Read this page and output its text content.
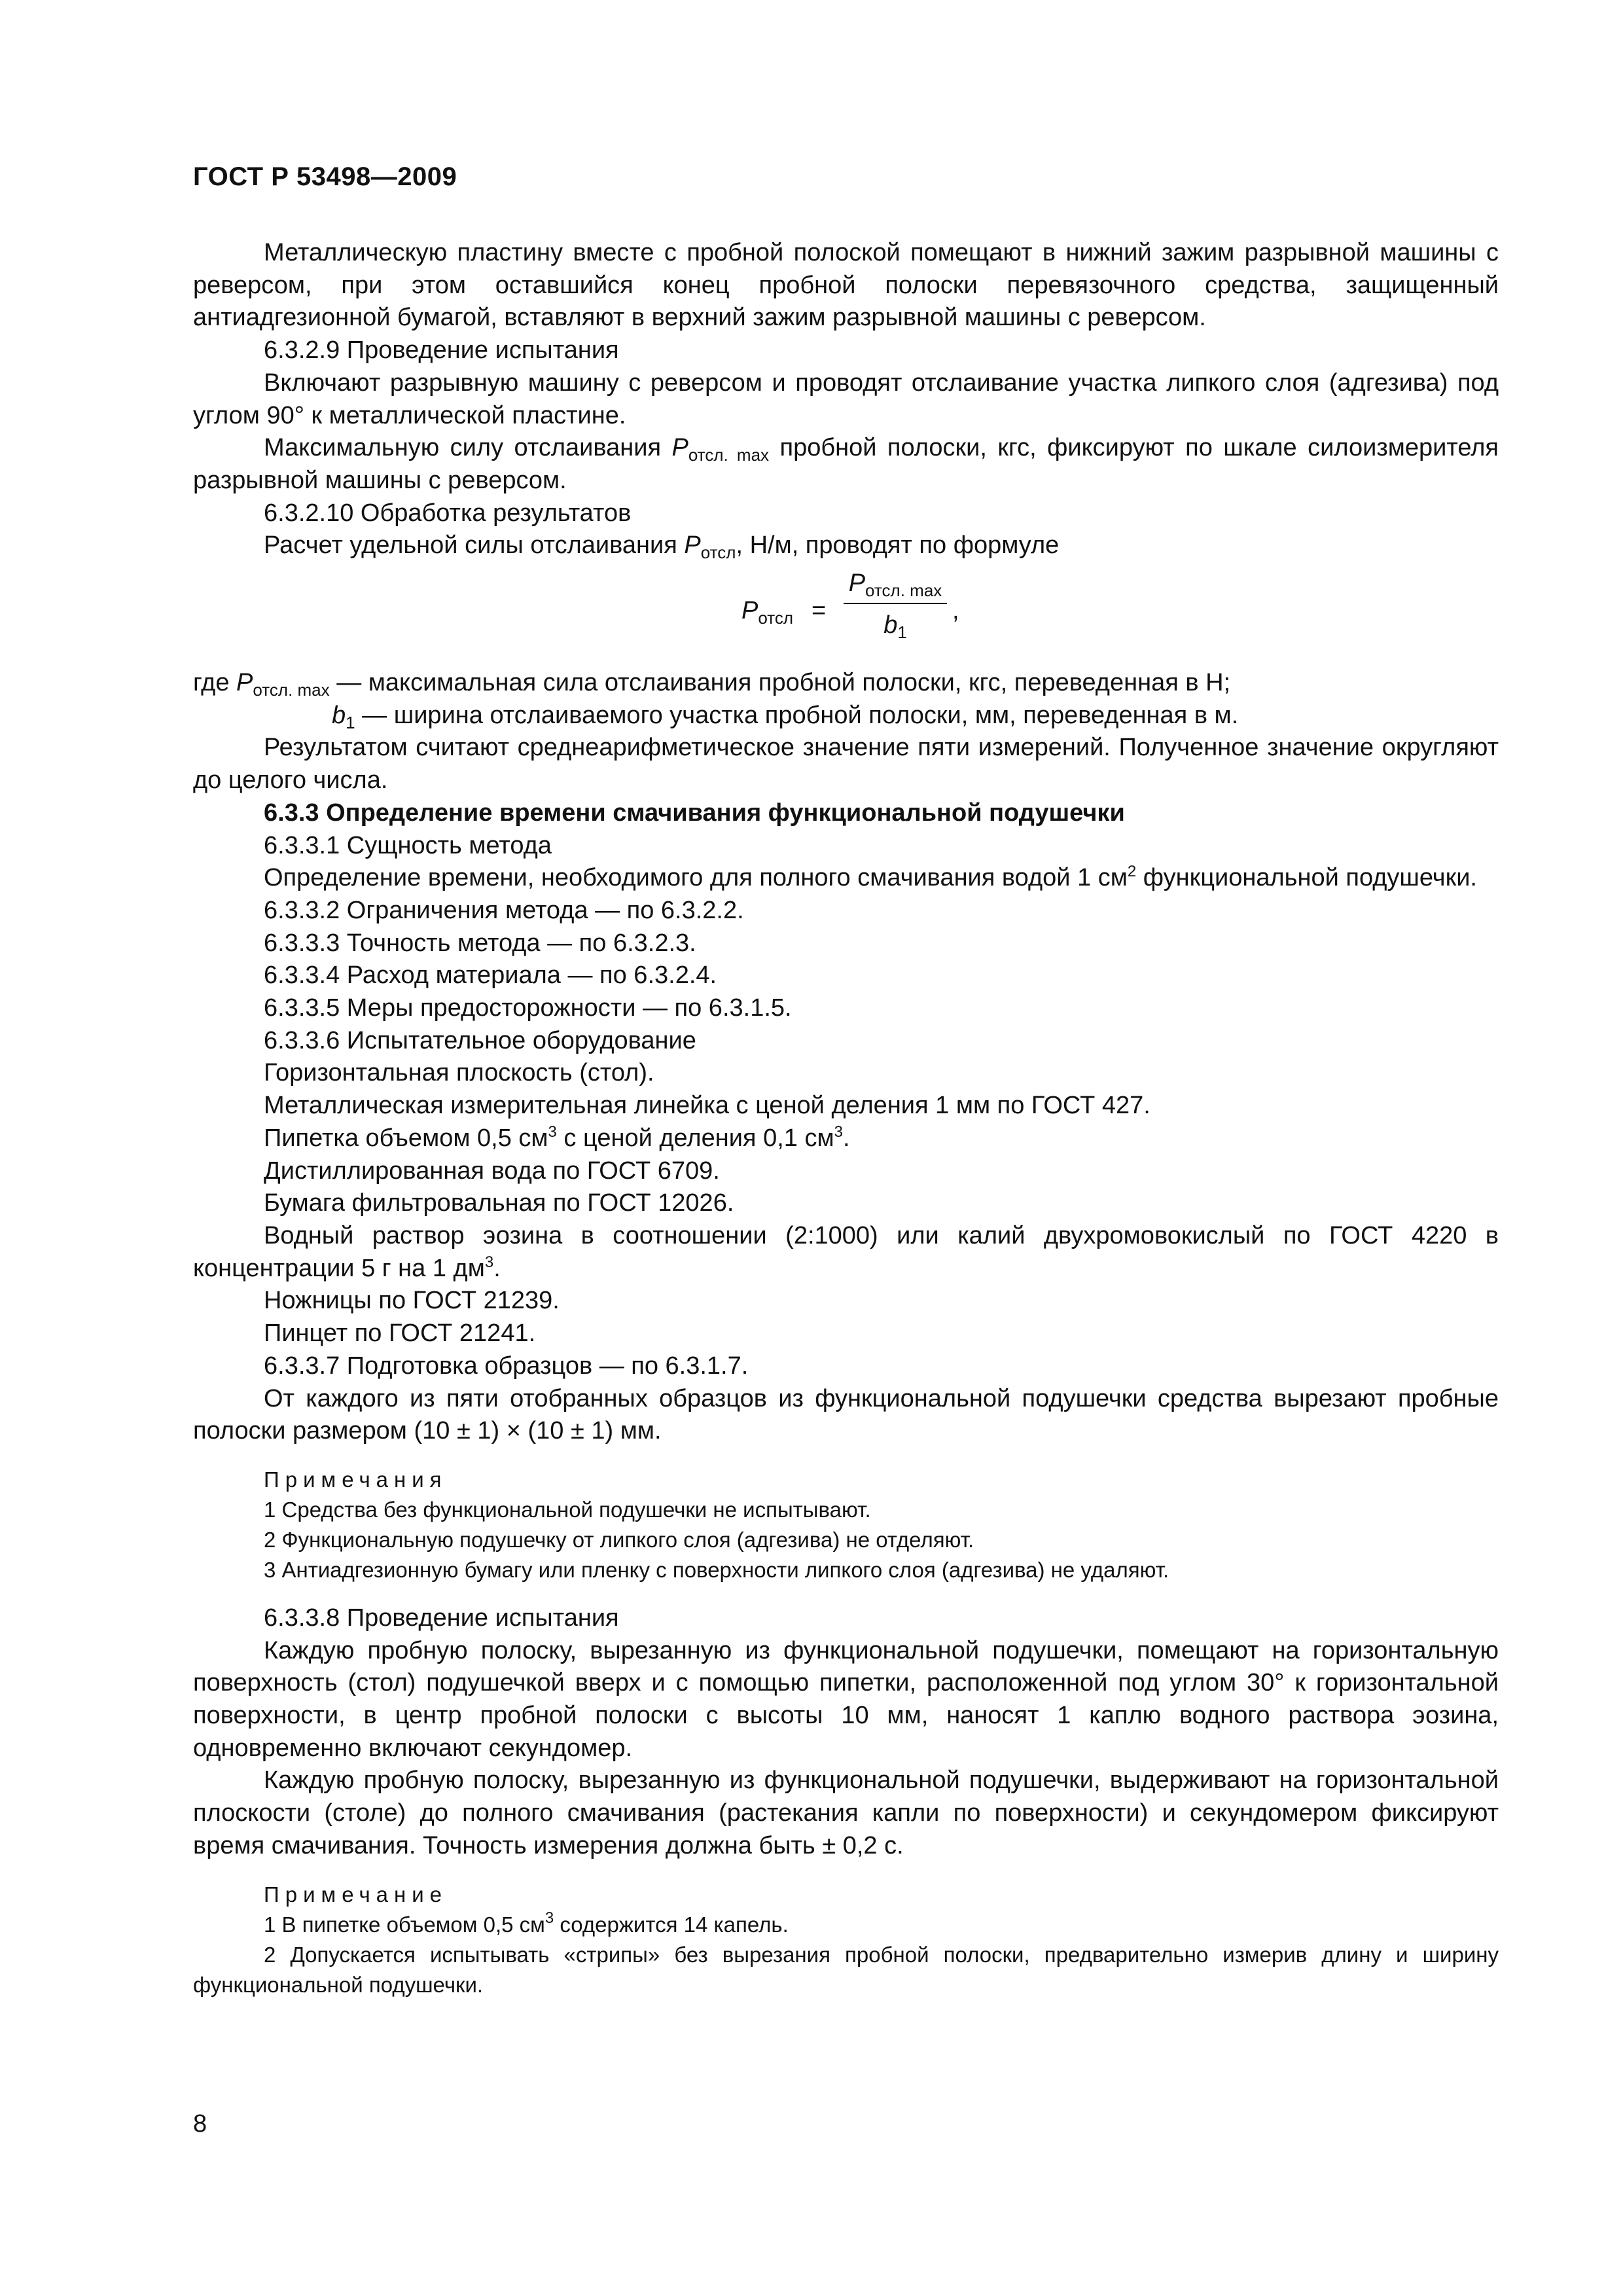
ГОСТ Р 53498—2009

Металлическую пластину вместе с пробной полоской помещают в нижний зажим разрывной машины с реверсом, при этом оставшийся конец пробной полоски перевязочного средства, защищенный антиадгезионной бумагой, вставляют в верхний зажим разрывной машины с реверсом.

6.3.2.9 Проведение испытания

Включают разрывную машину с реверсом и проводят отслаивание участка липкого слоя (адгезива) под углом 90° к металлической пластине.

Максимальную силу отслаивания $P_{отсл. max}$ пробной полоски, кгс, фиксируют по шкале силоизмерителя разрывной машины с реверсом.

6.3.2.10 Обработка результатов

Расчет удельной силы отслаивания $P_{отсл}$, Н/м, проводят по формуле

$P_{отсл}$ =
$P_{отсл. max}$
$b_1$
,
где $P_{отсл. max}$ — максимальная сила отслаивания пробной полоски, кгс, переведенная в Н;
$b_1$ — ширина отслаиваемого участка пробной полоски, мм, переведенная в м.

Результатом считают среднеарифметическое значение пяти измерений. Полученное значение округляют до целого числа.

6.3.3 Определение времени смачивания функциональной подушечки

6.3.3.1 Сущность метода

Определение времени, необходимого для полного смачивания водой 1 $см^2$ функциональной подушечки.

6.3.3.2 Ограничения метода — по 6.3.2.2.

6.3.3.3 Точность метода — по 6.3.2.3.

6.3.3.4 Расход материала — по 6.3.2.4.

6.3.3.5 Меры предосторожности — по 6.3.1.5.

6.3.3.6 Испытательное оборудование

Горизонтальная плоскость (стол).

Металлическая измерительная линейка с ценой деления 1 мм по ГОСТ 427.

Пипетка объемом 0,5 $см^3$ с ценой деления 0,1 $см^3$.

Дистиллированная вода по ГОСТ 6709.

Бумага фильтровальная по ГОСТ 12026.

Водный раствор эозина в соотношении (2:1000) или калий двухромовокислый по ГОСТ 4220 в концентрации 5 г на 1 $дм^3$.

Ножницы по ГОСТ 21239.

Пинцет по ГОСТ 21241.

6.3.3.7 Подготовка образцов — по 6.3.1.7.

От каждого из пяти отобранных образцов из функциональной подушечки средства вырезают пробные полоски размером (10 ± 1) × (10 ± 1) мм.

Примечания
1 Средства без функциональной подушечки не испытывают.
2 Функциональную подушечку от липкого слоя (адгезива) не отделяют.
3 Антиадгезионную бумагу или пленку с поверхности липкого слоя (адгезива) не удаляют.

6.3.3.8 Проведение испытания

Каждую пробную полоску, вырезанную из функциональной подушечки, помещают на горизонтальную поверхность (стол) подушечкой вверх и с помощью пипетки, расположенной под углом 30° к горизонтальной поверхности, в центр пробной полоски с высоты 10 мм, наносят 1 каплю водного раствора эозина, одновременно включают секундомер.

Каждую пробную полоску, вырезанную из функциональной подушечки, выдерживают на горизонтальной плоскости (столе) до полного смачивания (растекания капли по поверхности) и секундомером фиксируют время смачивания. Точность измерения должна быть ± 0,2 с.

Примечание
1 В пипетке объемом 0,5 $см^3$ содержится 14 капель.
2 Допускается испытывать «стрипы» без вырезания пробной полоски, предварительно измерив длину и ширину функциональной подушечки.
8
